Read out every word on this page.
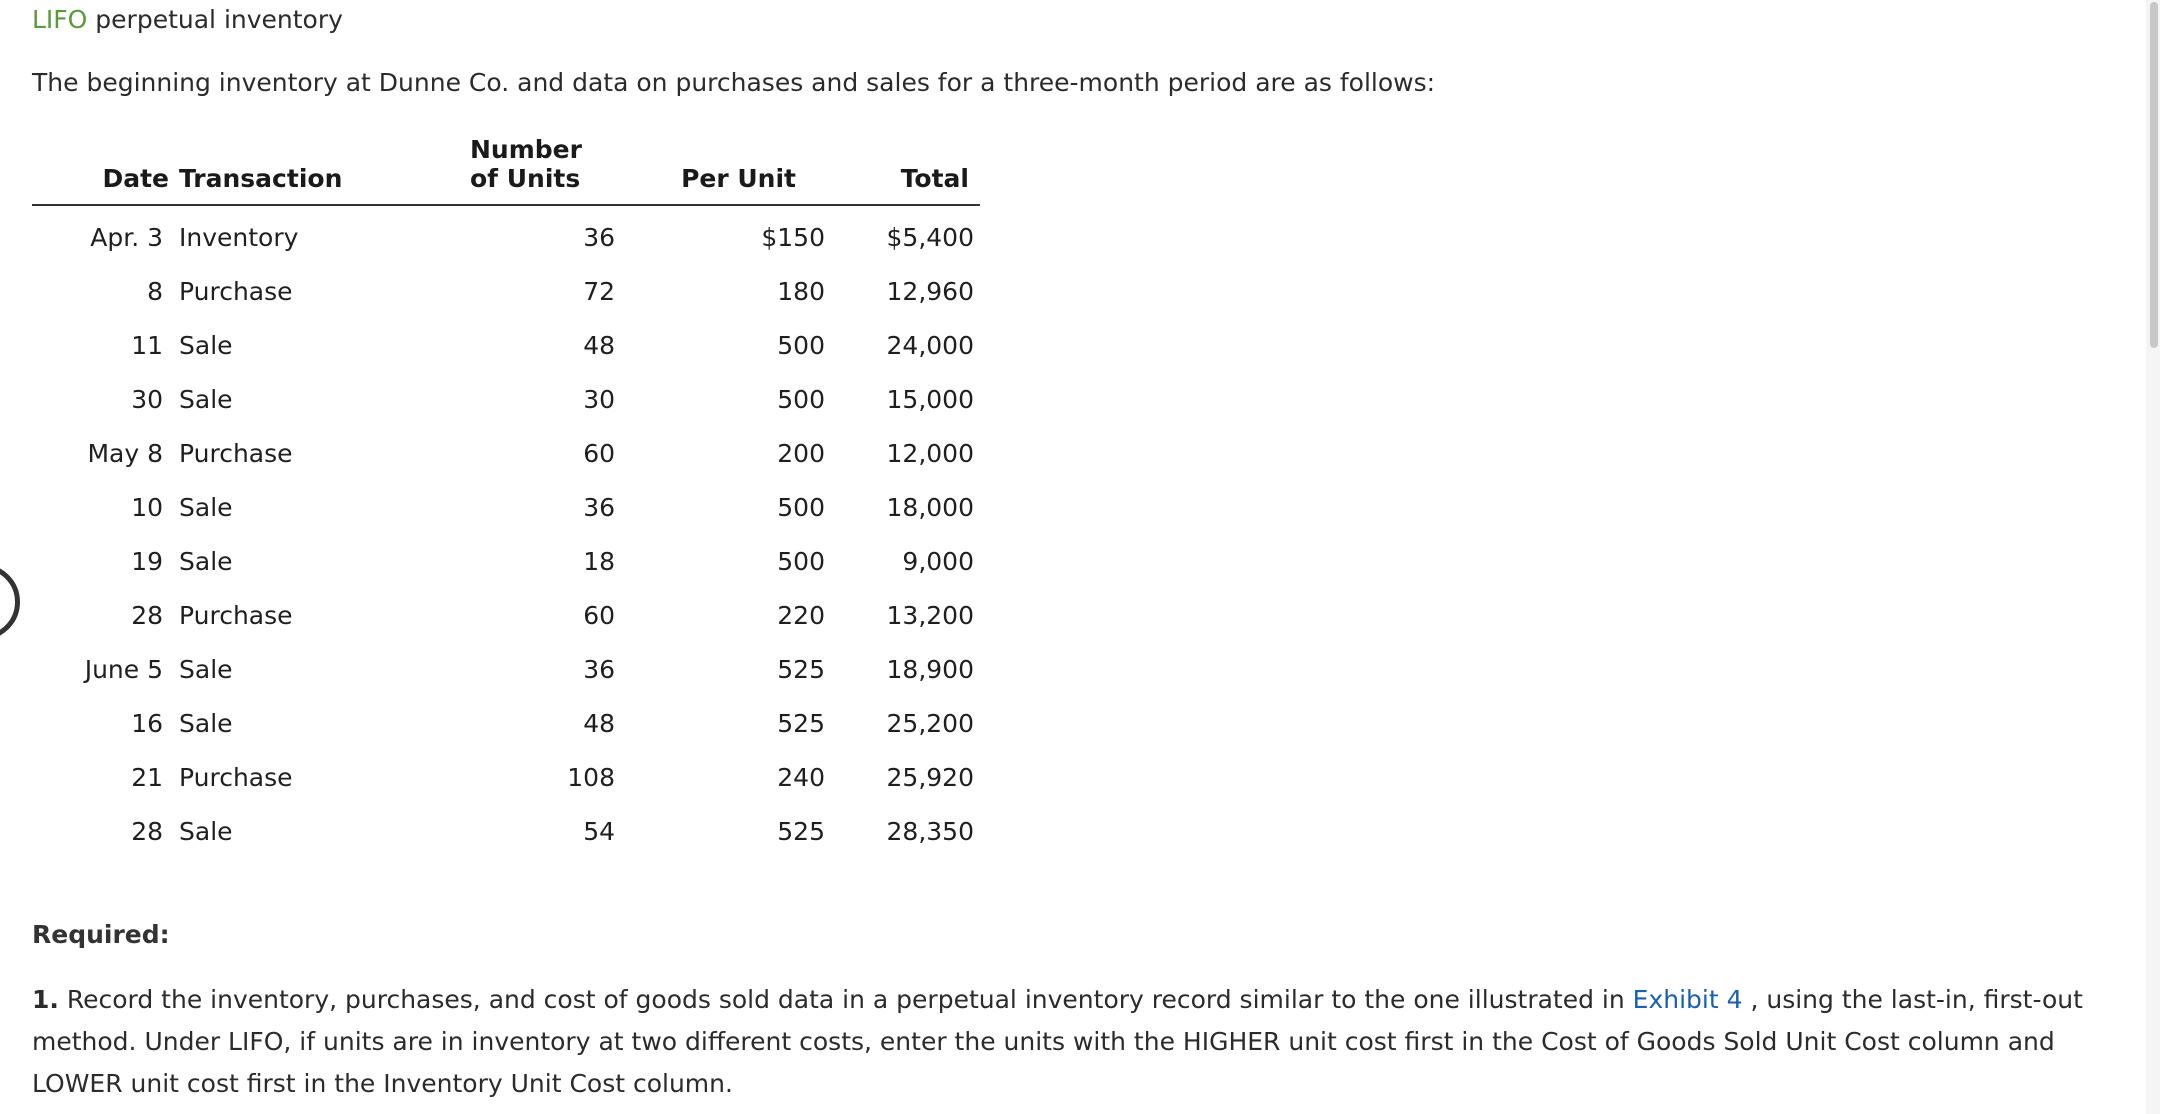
LIFO perpetual inventory
The beginning inventory at Dunne Co. and data on purchases and sales for a three-month period are as follows:
		Number		
Date	Transaction	of Units	Per Unit	Total
Apr. 3	Inventory	36	$150	$5,400
8	Purchase	72	180	12,960
11	Sale	48	500	24,000
30	Sale	30	500	15,000
May 8	Purchase	60	200	12,000
10	Sale	36	500	18,000
19	Sale	18	500	9,000
28	Purchase	60	220	13,200
June 5	Sale	36	525	18,900
16	Sale	48	525	25,200
21	Purchase	108	240	25,920
28	Sale	54	525	28,350
Required:
1. Record the inventory, purchases, and cost of goods sold data in a perpetual inventory record similar to the one illustrated in Exhibit 4 , using the last-in, first-out method. Under LIFO, if units are in inventory at two different costs, enter the units with the HIGHER unit cost first in the Cost of Goods Sold Unit Cost column and LOWER unit cost first in the Inventory Unit Cost column.
